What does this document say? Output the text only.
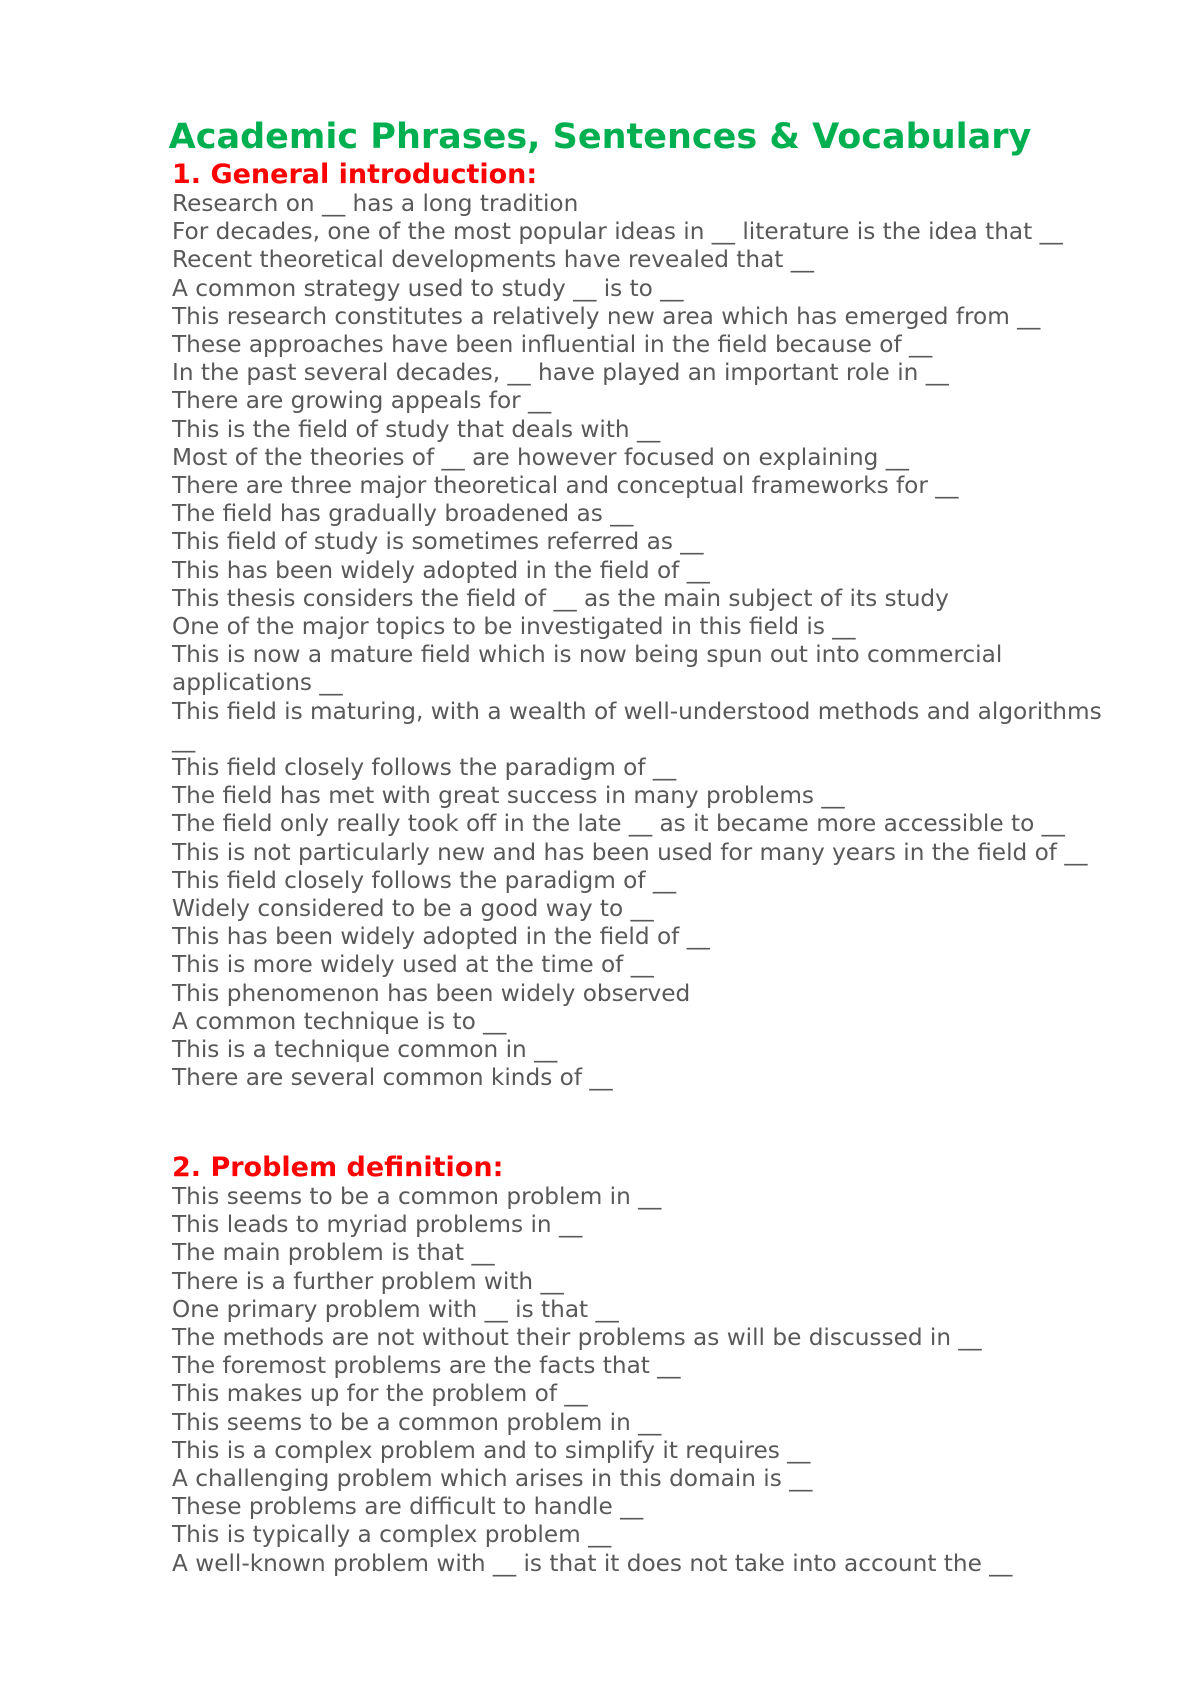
Academic Phrases, Sentences & Vocabulary
1. General introduction:
Research on __ has a long tradition
For decades, one of the most popular ideas in __ literature is the idea that __
Recent theoretical developments have revealed that __
A common strategy used to study __ is to __
This research constitutes a relatively new area which has emerged from __
These approaches have been influential in the field because of __
In the past several decades, __ have played an important role in __
There are growing appeals for __
This is the field of study that deals with __
Most of the theories of __ are however focused on explaining __
There are three major theoretical and conceptual frameworks for __
The field has gradually broadened as __
This field of study is sometimes referred as __
This has been widely adopted in the field of __
This thesis considers the field of __ as the main subject of its study
One of the major topics to be investigated in this field is __
This is now a mature field which is now being spun out into commercial applications __
This field is maturing, with a wealth of well-understood methods and algorithms __
This field closely follows the paradigm of __
The field has met with great success in many problems __
The field only really took off in the late __ as it became more accessible to __
This is not particularly new and has been used for many years in the field of __
This field closely follows the paradigm of __
Widely considered to be a good way to __
This has been widely adopted in the field of __
This is more widely used at the time of __
This phenomenon has been widely observed
A common technique is to __
This is a technique common in __
There are several common kinds of __
2. Problem definition:
This seems to be a common problem in __
This leads to myriad problems in __
The main problem is that __
There is a further problem with __
One primary problem with __ is that __
The methods are not without their problems as will be discussed in __
The foremost problems are the facts that __
This makes up for the problem of __
This seems to be a common problem in __
This is a complex problem and to simplify it requires __
A challenging problem which arises in this domain is __
These problems are difficult to handle __
This is typically a complex problem __
A well-known problem with __ is that it does not take into account the __
